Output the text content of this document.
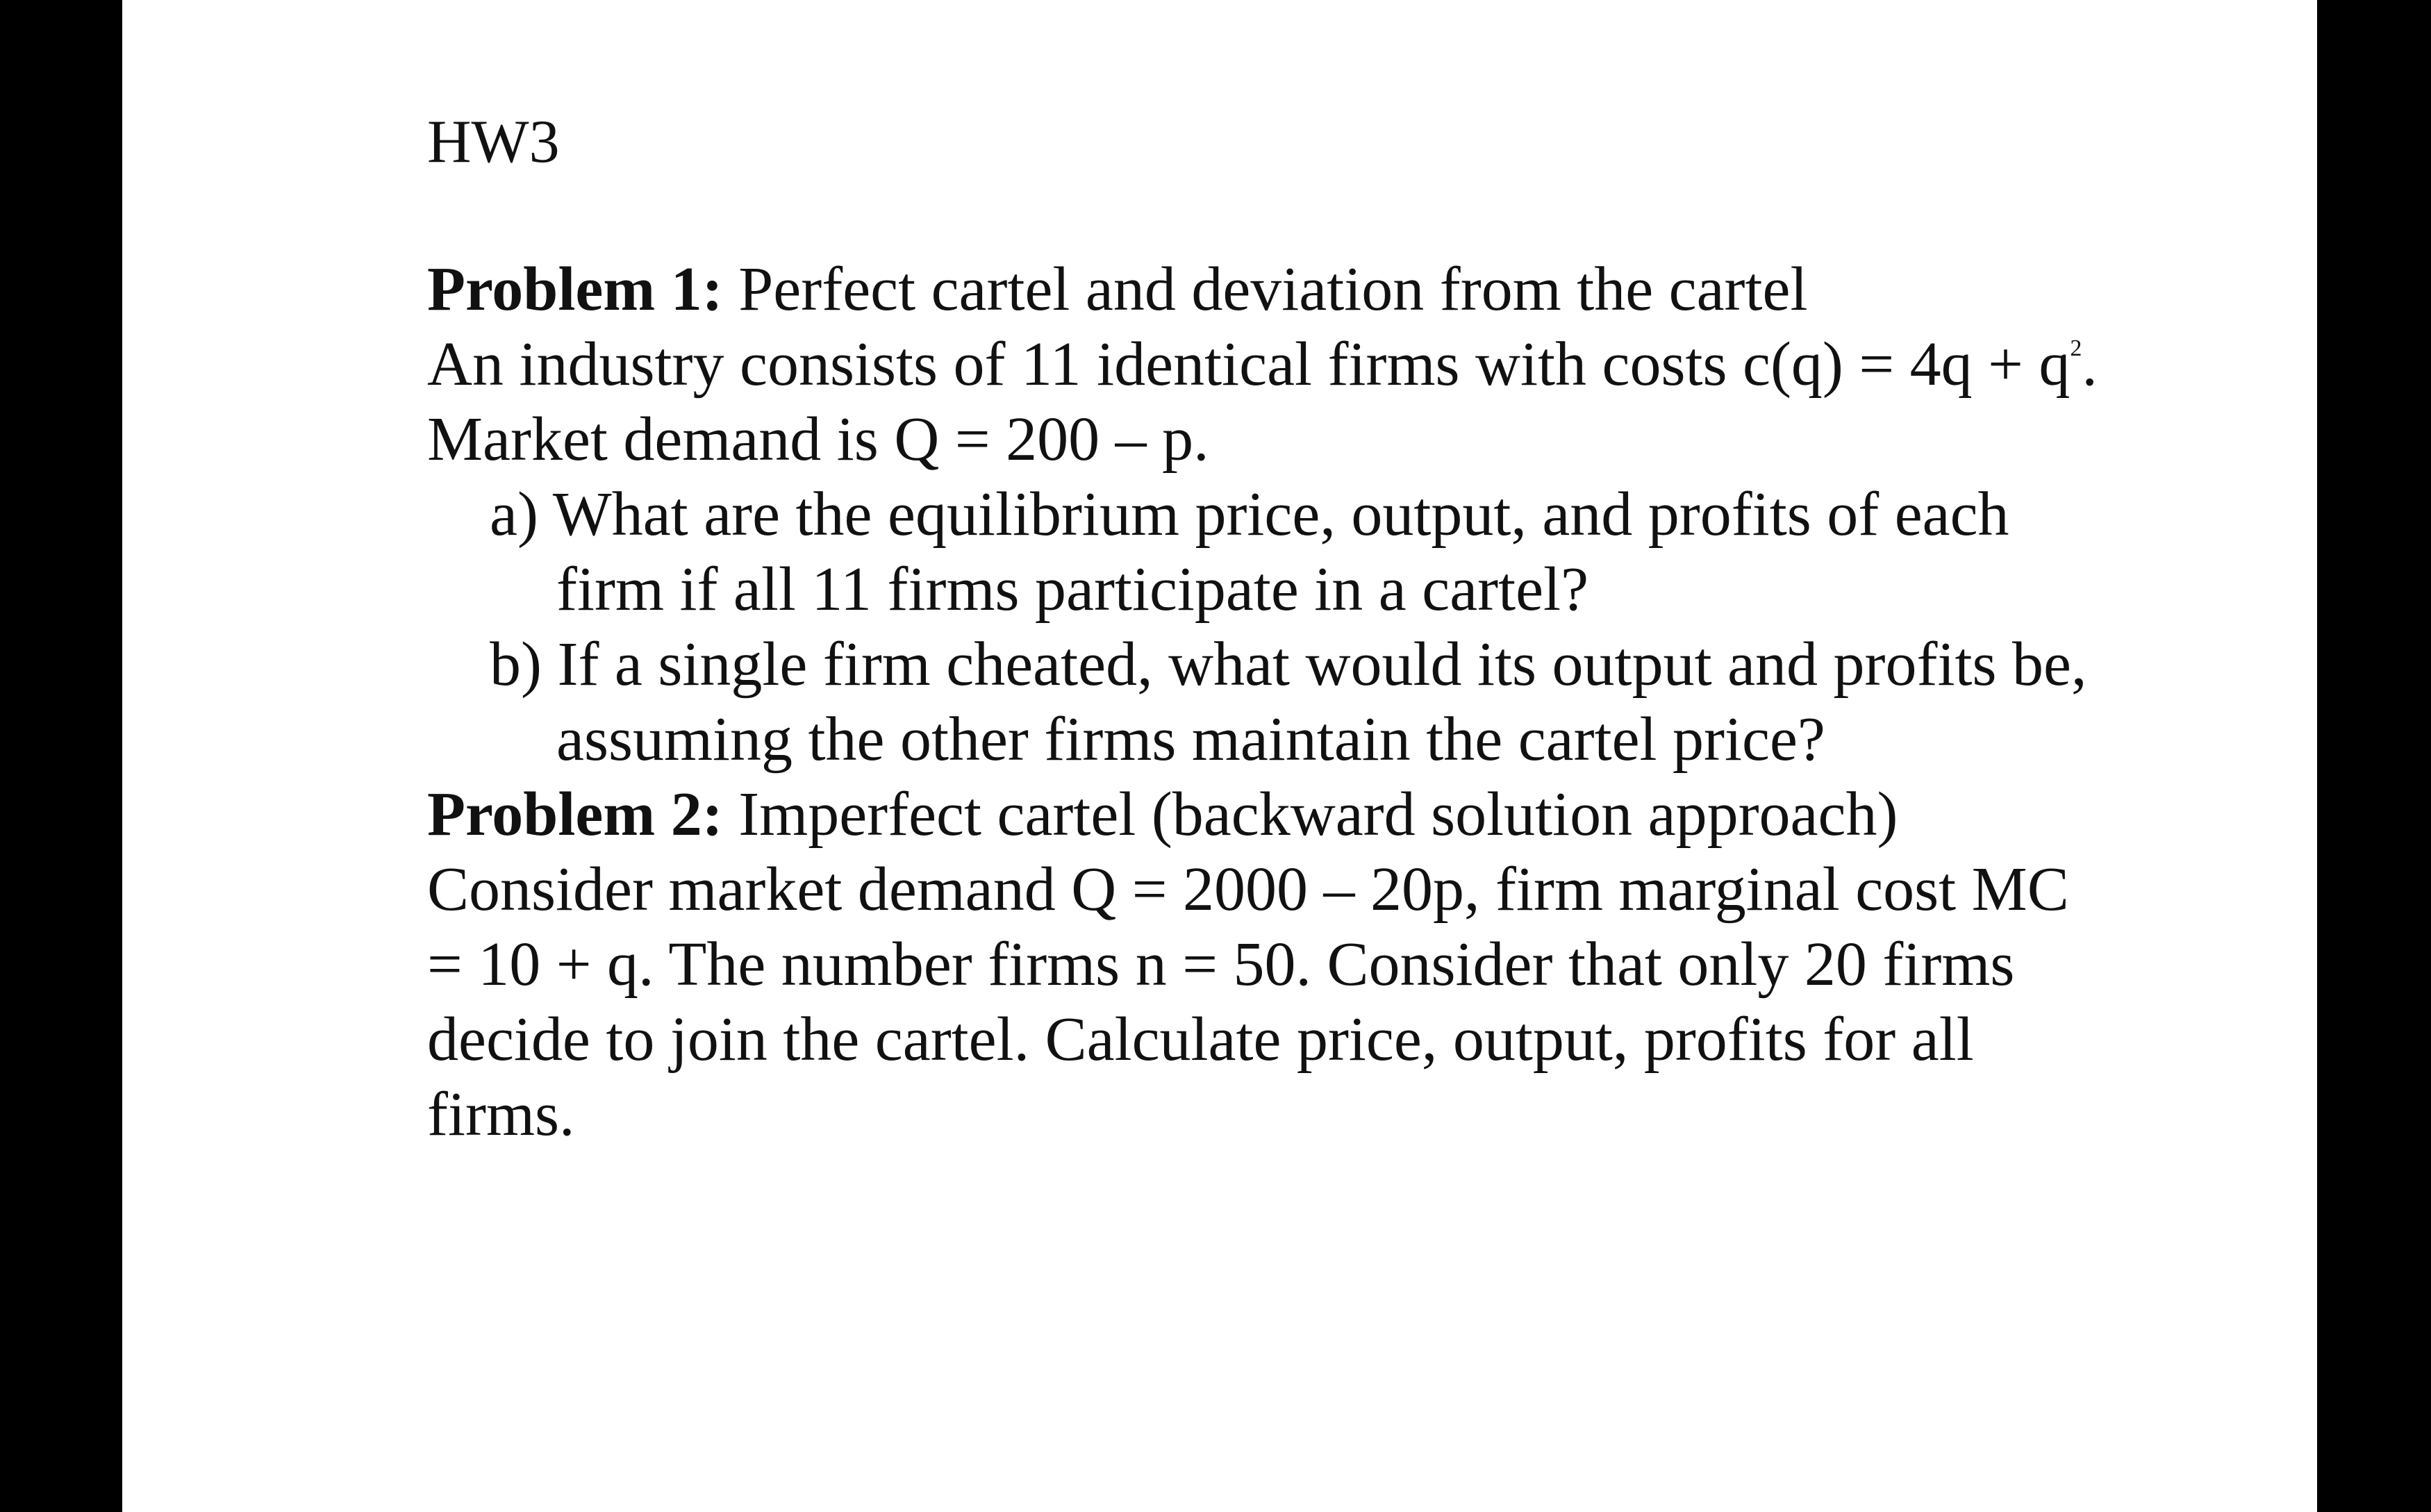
HW3
Problem 1: Perfect cartel and deviation from the cartel
An industry consists of 11 identical firms with costs $c(q) = 4q + q^2$.
Market demand is Q = 200 – p.
a) What are the equilibrium price, output, and profits of each
firm if all 11 firms participate in a cartel?
b) If a single firm cheated, what would its output and profits be,
assuming the other firms maintain the cartel price?
Problem 2: Imperfect cartel (backward solution approach)
Consider market demand Q = 2000 – 20p, firm marginal cost MC
= 10 + q. The number firms n = 50. Consider that only 20 firms
decide to join the cartel. Calculate price, output, profits for all
firms.
